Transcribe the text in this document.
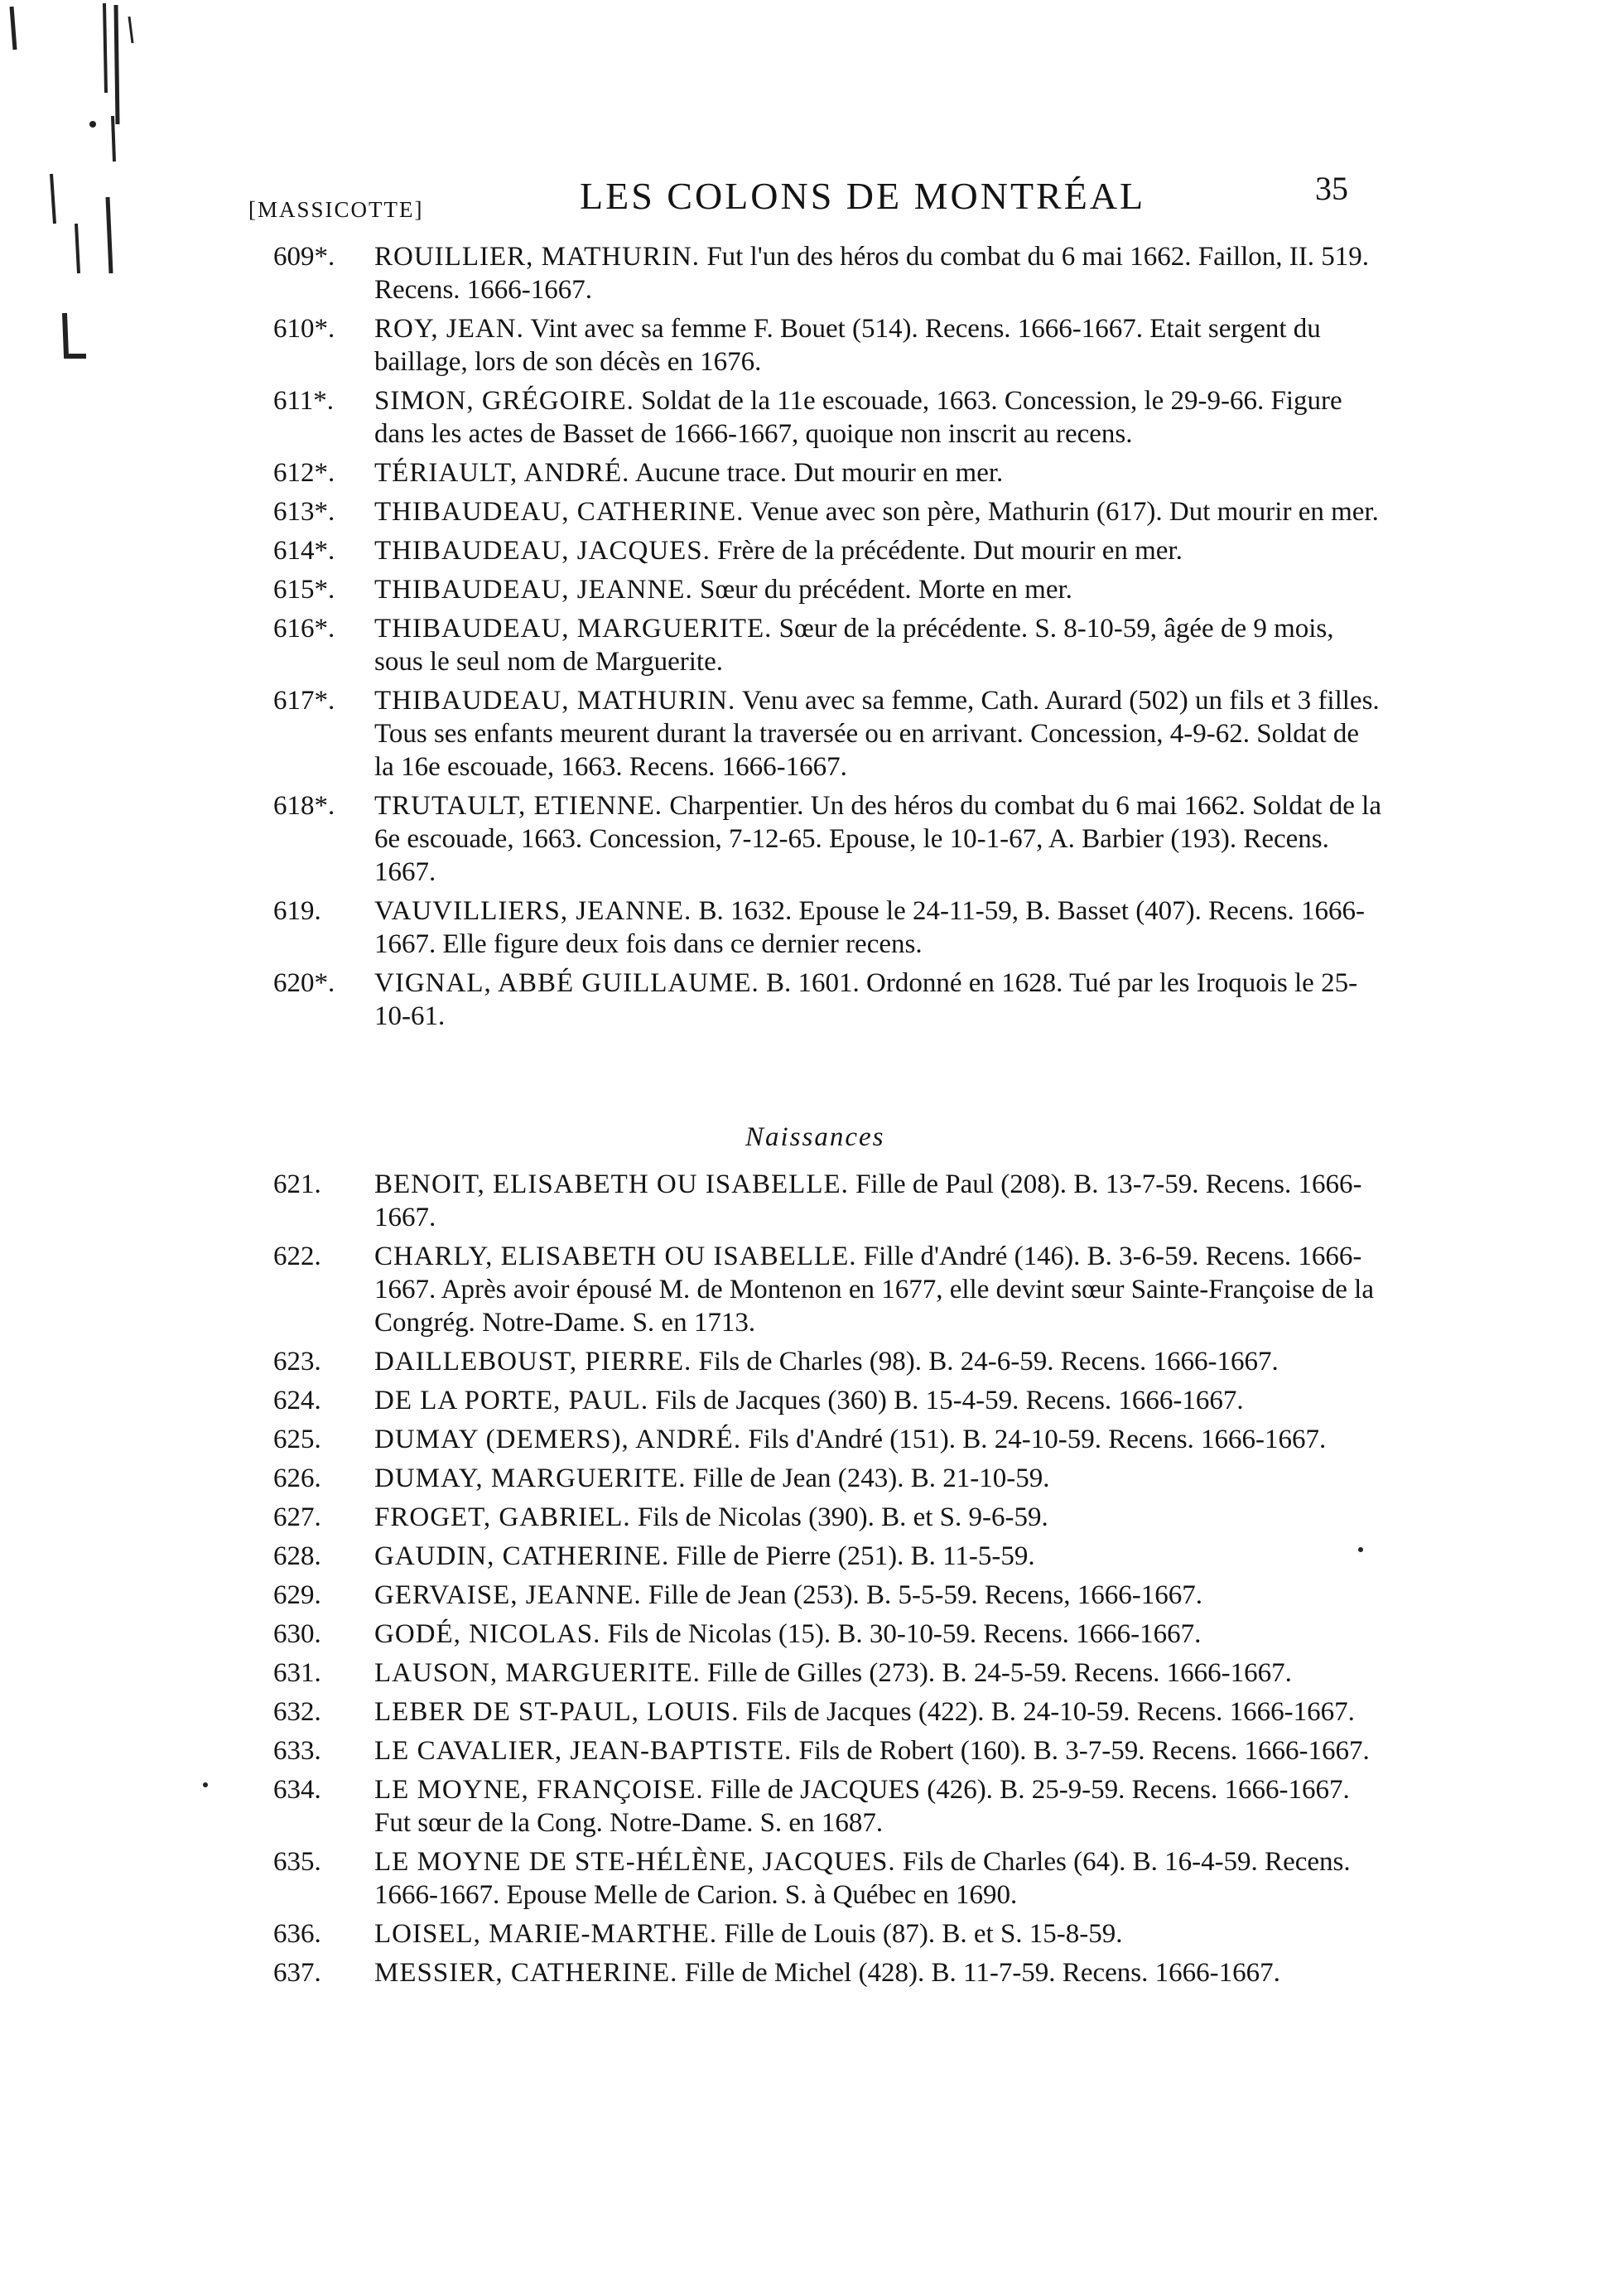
[MASSICOTTE]	LES COLONS DE MONTRÉAL	35
609*. ROUILLIER, MATHURIN. Fut l'un des héros du combat du 6 mai 1662. Faillon, II. 519. Recens. 1666-1667.
610*. ROY, JEAN. Vint avec sa femme F. Bouet (514). Recens. 1666-1667. Etait sergent du baillage, lors de son décès en 1676.
611*. SIMON, GRÉGOIRE. Soldat de la 11e escouade, 1663. Concession, le 29-9-66. Figure dans les actes de Basset de 1666-1667, quoique non inscrit au recens.
612*. TÉRIAULT, ANDRÉ. Aucune trace. Dut mourir en mer.
613*. THIBAUDEAU, CATHERINE. Venue avec son père, Mathurin (617). Dut mourir en mer.
614*. THIBAUDEAU, JACQUES. Frère de la précédente. Dut mourir en mer.
615*. THIBAUDEAU, JEANNE. Sœur du précédent. Morte en mer.
616*. THIBAUDEAU, MARGUERITE. Sœur de la précédente. S. 8-10-59, âgée de 9 mois, sous le seul nom de Marguerite.
617*. THIBAUDEAU, MATHURIN. Venu avec sa femme, Cath. Aurard (502) un fils et 3 filles. Tous ses enfants meurent durant la traversée ou en arrivant. Concession, 4-9-62. Soldat de la 16e escouade, 1663. Recens. 1666-1667.
618*. TRUTAULT, ETIENNE. Charpentier. Un des héros du combat du 6 mai 1662. Soldat de la 6e escouade, 1663. Concession, 7-12-65. Epouse, le 10-1-67, A. Barbier (193). Recens. 1667.
619. VAUVILLIERS, JEANNE. B. 1632. Epouse le 24-11-59, B. Basset (407). Recens. 1666-1667. Elle figure deux fois dans ce dernier recens.
620*. VIGNAL, ABBÉ GUILLAUME. B. 1601. Ordonné en 1628. Tué par les Iroquois le 25-10-61.
Naissances
621. BENOIT, ELISABETH OU ISABELLE. Fille de Paul (208). B. 13-7-59. Recens. 1666-1667.
622. CHARLY, ELISABETH OU ISABELLE. Fille d'André (146). B. 3-6-59. Recens. 1666-1667. Après avoir épousé M. de Montenon en 1677, elle devint sœur Sainte-Françoise de la Congrég. Notre-Dame. S. en 1713.
623. DAILLEBOUST, PIERRE. Fils de Charles (98). B. 24-6-59. Recens. 1666-1667.
624. DE LA PORTE, PAUL. Fils de Jacques (360) B. 15-4-59. Recens. 1666-1667.
625. DUMAY (DEMERS), ANDRÉ. Fils d'André (151). B. 24-10-59. Recens. 1666-1667.
626. DUMAY, MARGUERITE. Fille de Jean (243). B. 21-10-59.
627. FROGET, GABRIEL. Fils de Nicolas (390). B. et S. 9-6-59.
628. GAUDIN, CATHERINE. Fille de Pierre (251). B. 11-5-59.
629. GERVAISE, JEANNE. Fille de Jean (253). B. 5-5-59. Recens, 1666-1667.
630. GODÉ, NICOLAS. Fils de Nicolas (15). B. 30-10-59. Recens. 1666-1667.
631. LAUSON, MARGUERITE. Fille de Gilles (273). B. 24-5-59. Recens. 1666-1667.
632. LEBER DE ST-PAUL, LOUIS. Fils de Jacques (422). B. 24-10-59. Recens. 1666-1667.
633. LE CAVALIER, JEAN-BAPTISTE. Fils de Robert (160). B. 3-7-59. Recens. 1666-1667.
634. LE MOYNE, FRANÇOISE. Fille de JACQUES (426). B. 25-9-59. Recens. 1666-1667. Fut sœur de la Cong. Notre-Dame. S. en 1687.
635. LE MOYNE DE STE-HÉLÈNE, JACQUES. Fils de Charles (64). B. 16-4-59. Recens. 1666-1667. Epouse Melle de Carion. S. à Québec en 1690.
636. LOISEL, MARIE-MARTHE. Fille de Louis (87). B. et S. 15-8-59.
637. MESSIER, CATHERINE. Fille de Michel (428). B. 11-7-59. Recens. 1666-1667.
